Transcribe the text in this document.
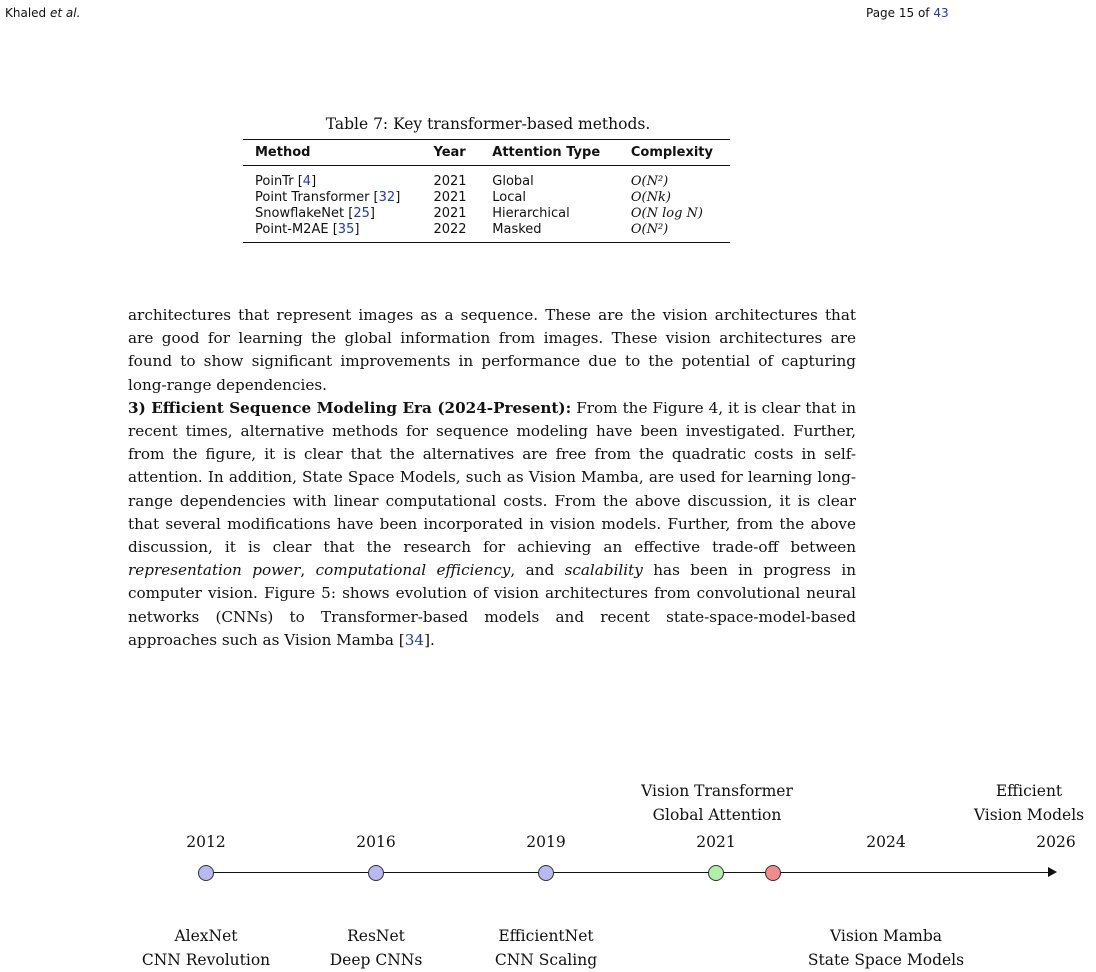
Khaled et al.	Page 15 of 43
Table 7: Key transformer-based methods.
Method	Year	Attention Type	Complexity
PoinTr [4]	2021	Global	O(N²)
Point Transformer [32]	2021	Local	O(Nk)
SnowflakeNet [25]	2021	Hierarchical	O(N log N)
Point-M2AE [35]	2022	Masked	O(N²)

architectures that represent images as a sequence. These are the vision architectures that are good for learning the global information from images. These vision architectures are found to show significant improvements in performance due to the potential of capturing long-range dependencies.

3) Efficient Sequence Modeling Era (2024-Present): From the Figure 4, it is clear that in recent times, alternative methods for sequence modeling have been investigated. Further, from the figure, it is clear that the alternatives are free from the quadratic costs in self-attention. In addition, State Space Models, such as Vision Mamba, are used for learning long-range dependencies with linear computational costs. From the above discussion, it is clear that several modifications have been incorporated in vision models. Further, from the above discussion, it is clear that the research for achieving an effective trade-off between representation power, computational efficiency, and scalability has been in progress in computer vision. Figure 5: shows evolution of vision architectures from convolutional neural networks (CNNs) to Transformer-based models and recent state-space-model-based approaches such as Vision Mamba [34].

Vision Transformer
Global Attention
Efficient
Vision Models
2012	2016	2019	2021	2024	2026
AlexNet
CNN Revolution
ResNet
Deep CNNs
EfficientNet
CNN Scaling
Vision Mamba
State Space Models
